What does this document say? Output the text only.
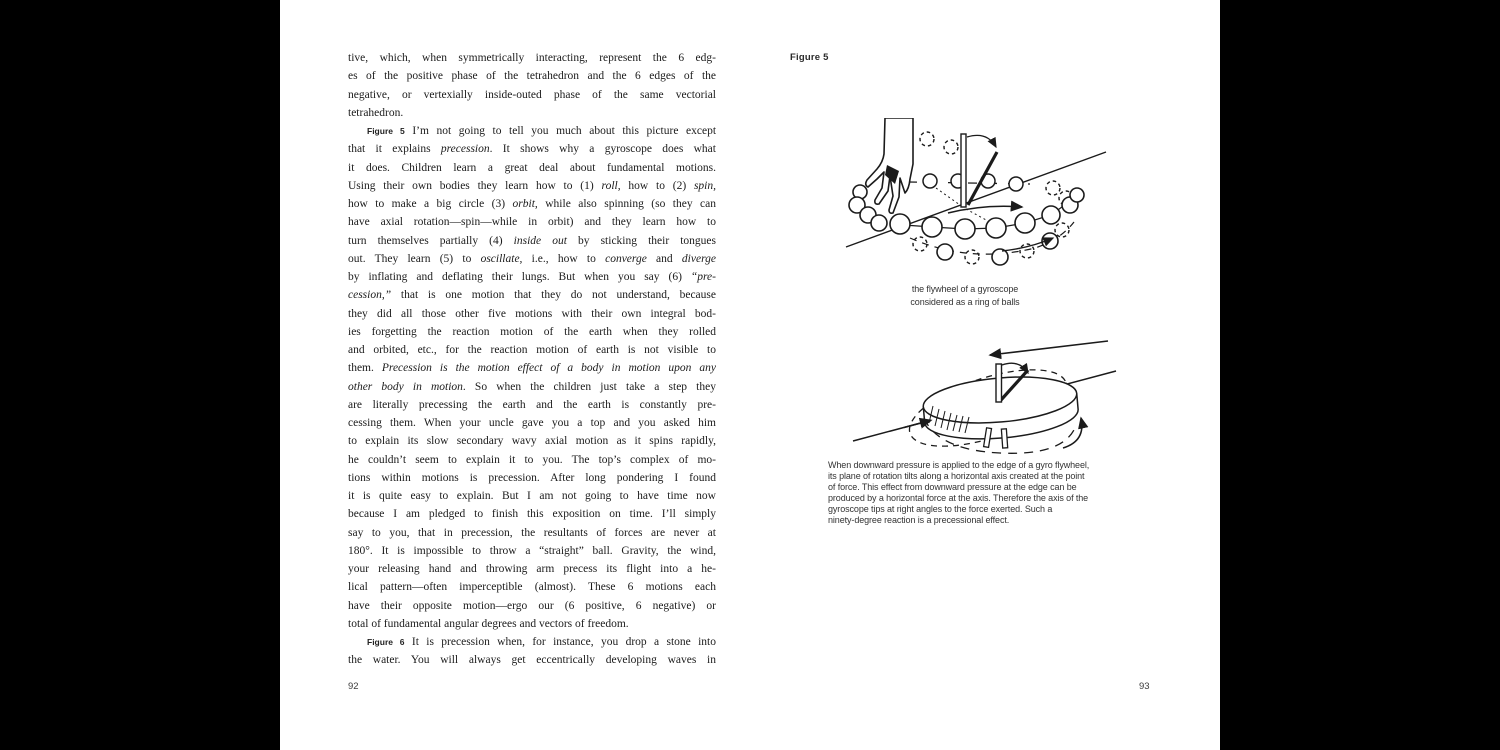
tive, which, when symmetrically interacting, represent the 6 edg-
es of the positive phase of the tetrahedron and the 6 edges of the
negative, or vertexially inside-outed phase of the same vectorial
tetrahedron.
Figure 5 I’m not going to tell you much about this picture except
that it explains precession. It shows why a gyroscope does what
it does. Children learn a great deal about fundamental motions.
Using their own bodies they learn how to (1) roll, how to (2) spin,
how to make a big circle (3) orbit, while also spinning (so they can
have axial rotation—spin—while in orbit) and they learn how to
turn themselves partially (4) inside out by sticking their tongues
out. They learn (5) to oscillate, i.e., how to converge and diverge
by inflating and deflating their lungs. But when you say (6) “pre-
cession,” that is one motion that they do not understand, because
they did all those other five motions with their own integral bod-
ies forgetting the reaction motion of the earth when they rolled
and orbited, etc., for the reaction motion of earth is not visible to
them. Precession is the motion effect of a body in motion upon any
other body in motion. So when the children just take a step they
are literally precessing the earth and the earth is constantly pre-
cessing them. When your uncle gave you a top and you asked him
to explain its slow secondary wavy axial motion as it spins rapidly,
he couldn’t seem to explain it to you. The top’s complex of mo-
tions within motions is precession. After long pondering I found
it is quite easy to explain. But I am not going to have time now
because I am pledged to finish this exposition on time. I’ll simply
say to you, that in precession, the resultants of forces are never at
180°. It is impossible to throw a “straight” ball. Gravity, the wind,
your releasing hand and throwing arm precess its flight into a he-
lical pattern—often imperceptible (almost). These 6 motions each
have their opposite motion—ergo our (6 positive, 6 negative) or
total of fundamental angular degrees and vectors of freedom.
Figure 6 It is precession when, for instance, you drop a stone into
the water. You will always get eccentrically developing waves in
92
Figure 5
the flywheel of a gyroscope
considered as a ring of balls
When downward pressure is applied to the edge of a gyro flywheel,
its plane of rotation tilts along a horizontal axis created at the point
of force. This effect from downward pressure at the edge can be
produced by a horizontal force at the axis. Therefore the axis of the
gyroscope tips at right angles to the force exerted. Such a
ninety-degree reaction is a precessional effect.
93
